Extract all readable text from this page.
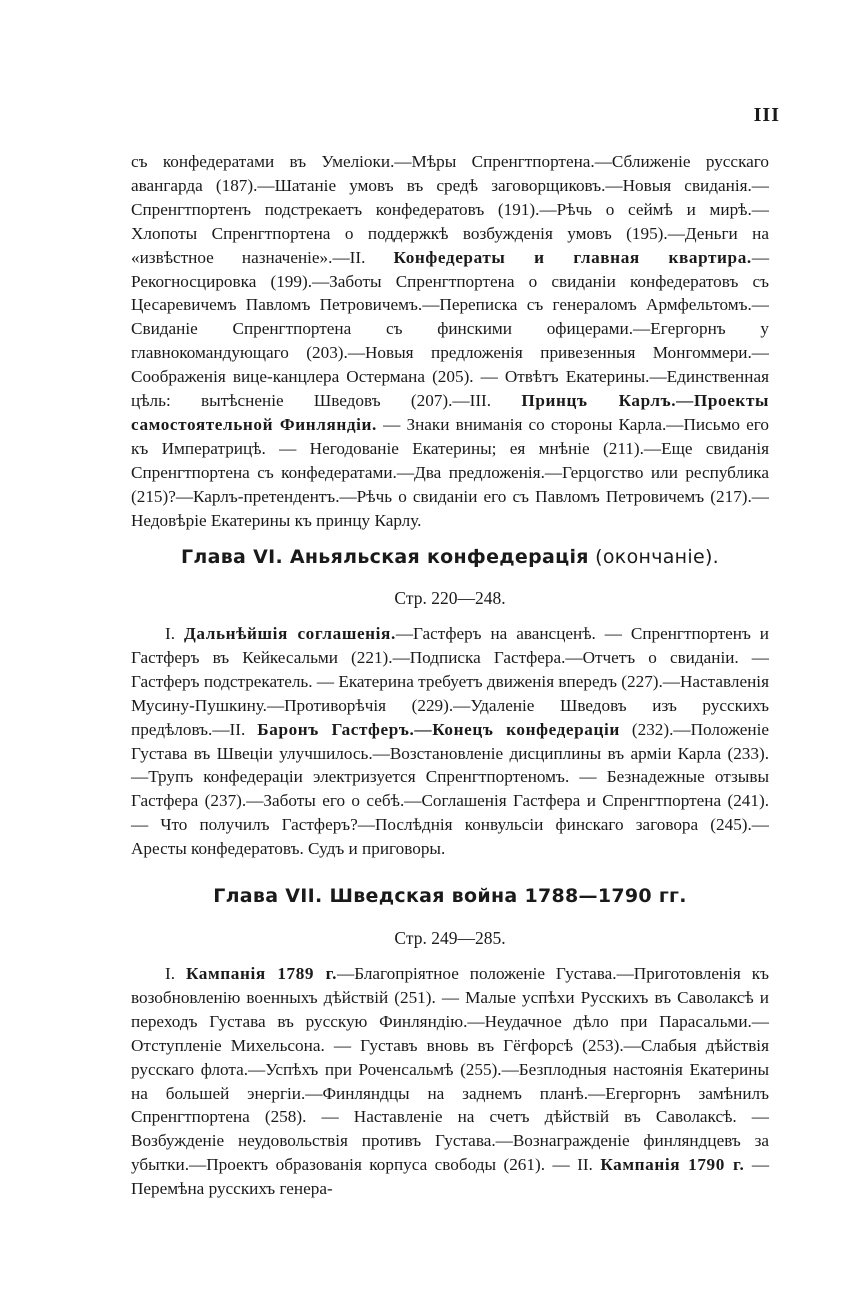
III

съ конфедератами въ Умеліоки.—Мѣры Спренгтпортена.—Сближеніе русскаго авангарда (187).—Шатаніе умовъ въ средѣ заговорщиковъ.—Новыя свиданія.—Спренгтпортенъ подстрекаетъ конфедератовъ (191).—Рѣчь о сеймѣ и мирѣ.—Хлопоты Спренгтпортена о поддержкѣ возбужденія умовъ (195).—Деньги на «извѣстное назначеніе».—II. Конфедераты и главная квартира.—Рекогносцировка (199).—Заботы Спренгтпортена о свиданіи конфедератовъ съ Цесаревичемъ Павломъ Петровичемъ.—Переписка съ генераломъ Армфельтомъ.—Свиданіе Спренгтпортена съ финскими офицерами.—Егергорнъ у главнокомандующаго (203).—Новыя предложенія привезенныя Монгоммери.—Соображенія вице-канцлера Остермана (205). — Отвѣтъ Екатерины.—Единственная цѣль: вытѣсненіе Шведовъ (207).—III. Принцъ Карлъ.—Проекты самостоятельной Финляндіи. — Знаки вниманія со стороны Карла.—Письмо его къ Императрицѣ. — Негодованіе Екатерины; ея мнѣніе (211).—Еще свиданія Спренгтпортена съ конфедератами.—Два предложенія.—Герцогство или республика (215)?—Карлъ-претендентъ.—Рѣчь о свиданіи его съ Павломъ Петровичемъ (217).—Недовѣріе Екатерины къ принцу Карлу.

Глава VI. Аньяльская конфедерація (окончаніе).
Стр. 220—248.

I. Дальнѣйшія соглашенія.—Гастферъ на авансценѣ. — Спренгтпортенъ и Гастферъ въ Кейкесальми (221).—Подписка Гастфера.—Отчетъ о свиданіи. — Гастферъ подстрекатель. — Екатерина требуетъ движенія впередъ (227).—Наставленія Мусину-Пушкину.—Противорѣчія (229).—Удаленіе Шведовъ изъ русскихъ предѣловъ.—II. Баронъ Гастферъ.—Конецъ конфедераціи (232).—Положеніе Густава въ Швеціи улучшилось.—Возстановленіе дисциплины въ арміи Карла (233).—Трупъ конфедераціи электризуется Спренгтпортеномъ. — Безнадежные отзывы Гастфера (237).—Заботы его о себѣ.—Соглашенія Гастфера и Спренгтпортена (241). — Что получилъ Гастферъ?—Послѣднія конвульсіи финскаго заговора (245).—Аресты конфедератовъ. Судъ и приговоры.

Глава VII. Шведская война 1788—1790 гг.
Стр. 249—285.

I. Кампанія 1789 г.—Благопріятное положеніе Густава.—Приготовленія къ возобновленію военныхъ дѣйствій (251). — Малые успѣхи Русскихъ въ Саволаксѣ и переходъ Густава въ русскую Финляндію.—Неудачное дѣло при Парасальми.—Отступленіе Михельсона. — Густавъ вновь въ Гёгфорсѣ (253).—Слабыя дѣйствія русскаго флота.—Успѣхъ при Роченсальмѣ (255).—Безплодныя настоянія Екатерины на большей энергіи.—Финляндцы на заднемъ планѣ.—Егергорнъ замѣнилъ Спренгтпортена (258). — Наставленіе на счетъ дѣйствій въ Саволаксѣ. — Возбужденіе неудовольствія противъ Густава.—Вознагражденіе финляндцевъ за убытки.—Проектъ образованія корпуса свободы (261). — II. Кампанія 1790 г. — Перемѣна русскихъ генера-
